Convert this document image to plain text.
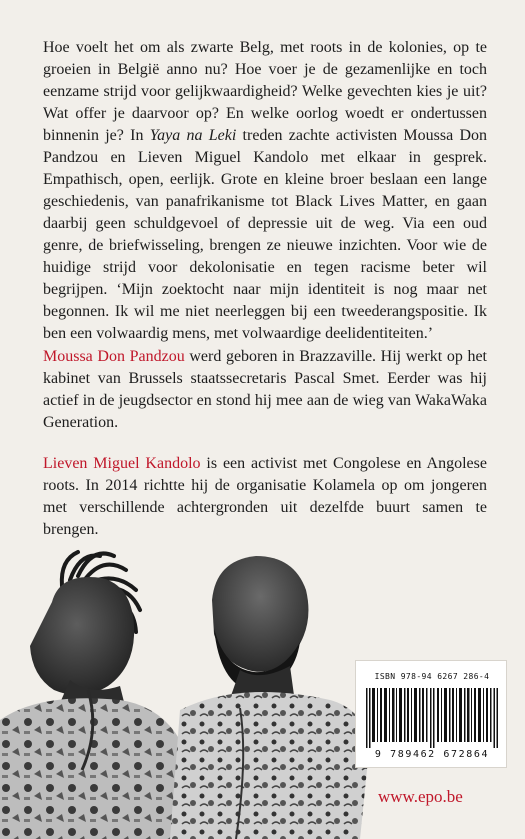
Hoe voelt het om als zwarte Belg, met roots in de kolonies, op te groeien in België anno nu? Hoe voer je de gezamenlijke en toch eenzame strijd voor gelijkwaardigheid? Welke gevechten kies je uit? Wat offer je daarvoor op? En welke oorlog woedt er ondertussen binnenin je? In Yaya na Leki treden zachte activisten Moussa Don Pandzou en Lieven Miguel Kandolo met elkaar in gesprek. Empathisch, open, eerlijk. Grote en kleine broer beslaan een lange geschiedenis, van panafrikanisme tot Black Lives Matter, en gaan daarbij geen schuldgevoel of depressie uit de weg. Via een oud genre, de briefwisseling, brengen ze nieuwe inzichten. Voor wie de huidige strijd voor dekolonisatie en tegen racisme beter wil begrijpen. ‘Mijn zoektocht naar mijn identiteit is nog maar net begonnen. Ik wil me niet neerleggen bij een tweederangspositie. Ik ben een volwaardig mens, met volwaardige deelidentiteiten.’
Moussa Don Pandzou werd geboren in Brazzaville. Hij werkt op het kabinet van Brussels staatssecretaris Pascal Smet. Eerder was hij actief in de jeugdsector en stond hij mee aan de wieg van WakaWaka Generation.
Lieven Miguel Kandolo is een activist met Congolese en Angolese roots. In 2014 richtte hij de organisatie Kolamela op om jongeren met verschillende achtergronden uit dezelfde buurt samen te brengen.
ISBN 978-94 6267 286-4
9 789462 672864
www.epo.be
